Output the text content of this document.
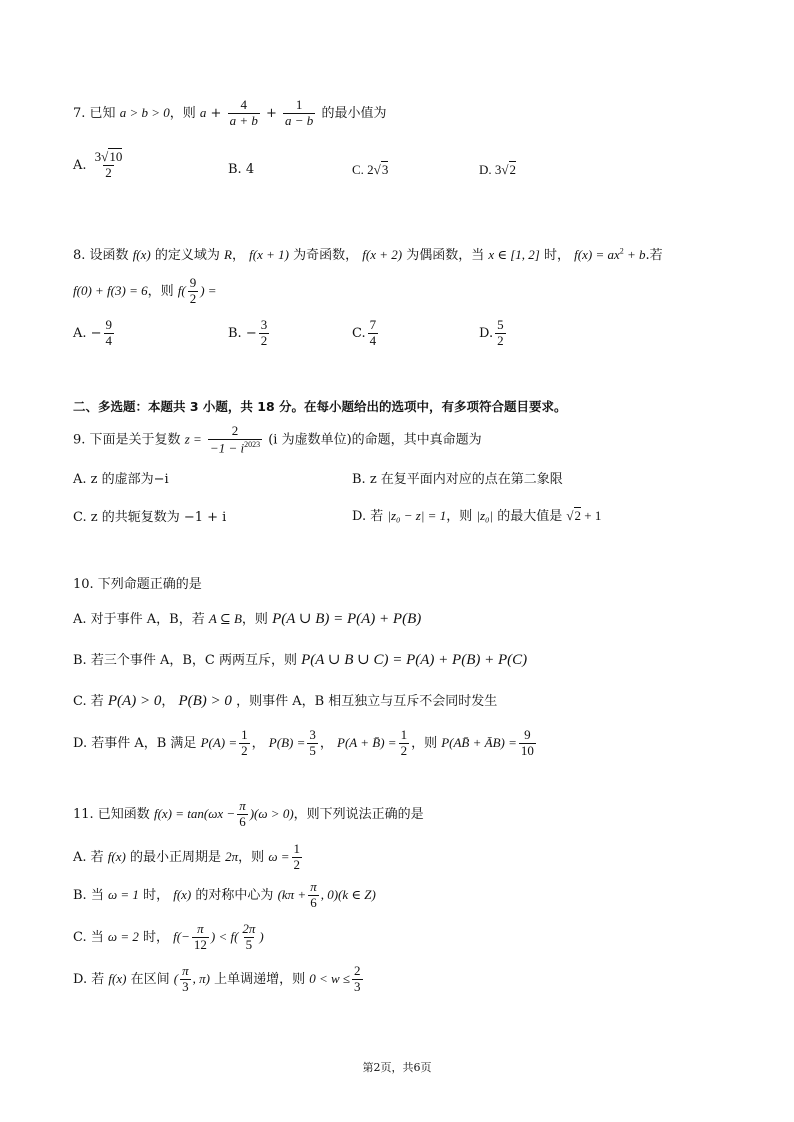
7. 已知 a > b > 0，则 $a + \frac{4}{a + b} + \frac{1}{a - b}$ 的最小值为
A. $\frac{3√10}{2}$	B. 4	C. 2√3	D. 3√2
8. 设函数 f(x) 的定义域为 R， f(x + 1) 为奇函数， f(x + 2) 为偶函数，当 x ∈ [1, 2] 时， $f(x) = ax^2 + b$.若
f(0) + f(3) = 6，则 $f( \frac{9}{2}$ ) =
A. − $\frac{9}{4}$	B. − $\frac{3}{2}$	C. $\frac{7}{4}$	D. $\frac{5}{2}$
二、多选题：本题共 3 小题，共 18 分。在每小题给出的选项中，有多项符合题目要求。
9. 下面是关于复数 $z = \frac{2}{-1 - i^{2023}} (i$ 为虚数单位)的命题，其中真命题为
A. z 的虚部为−i	B. z 在复平面内对应的点在第二象限
C. z 的共轭复数为 −1 + i	D. 若 |z₀ − z| = 1，则 |z₀| 的最大值是 √2 + 1
10. 下列命题正确的是
A. 对于事件 A，B，若 A ⊆ B，则 P(A ∪ B) = P(A) + P(B)
B. 若三个事件 A，B，C 两两互斥，则 P(A ∪ B ∪ C) = P(A) + P(B) + P(C)
C. 若 P(A) > 0， P(B) > 0 ，则事件 A，B 相互独立与互斥不会同时发生
D. 若事件 A，B 满足 $P(A) = \frac{1}{2}$ ， $P(B) = \frac{3}{5}$ ， P(A + B̄) = $\frac{1}{2}$ ，则 P(AB̄ + ĀB) = $\frac{9}{10}$
11. 已知函数 $f(x) = \tan(\omega x - \frac{\pi}{6} )(\omega > 0)$，则下列说法正确的是
A. 若 f(x) 的最小正周期是 2π，则 $\omega = \frac{1}{2}$
B. 当 ω = 1 时， f(x) 的对称中心为 ($k\pi + \frac{\pi}{6}$ , 0)(k ∈ Z)
C. 当 ω = 2 时， $f(- \frac{\pi}{12}$ ) < $f( \frac{2\pi}{5}$ )
D. 若 f(x) 在区间 ( $\frac{\pi}{3}$ , π) 上单调递增，则 $0 < w \le \frac{2}{3}$
第2页，共6页
